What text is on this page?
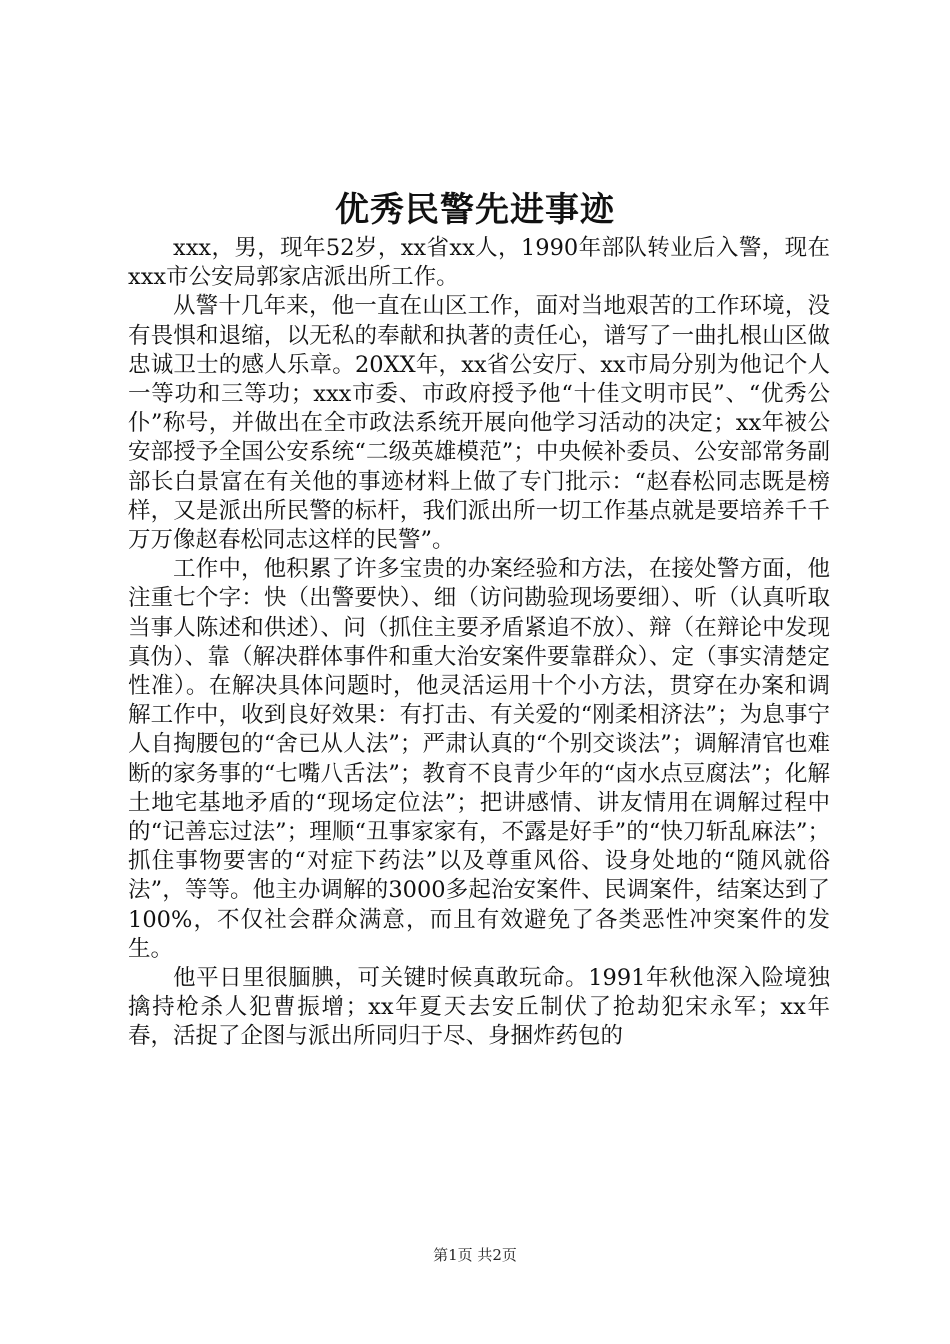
优秀民警先进事迹

xxx，男，现年52岁，xx省xx人，1990年部队转业后入警，现在xxx市公安局郭家店派出所工作。

从警十几年来，他一直在山区工作，面对当地艰苦的工作环境，没有畏惧和退缩，以无私的奉献和执著的责任心，谱写了一曲扎根山区做忠诚卫士的感人乐章。20XX年，xx省公安厅、xx市局分别为他记个人一等功和三等功；xxx市委、市政府授予他“十佳文明市民”、“优秀公仆”称号，并做出在全市政法系统开展向他学习活动的决定；xx年被公安部授予全国公安系统“二级英雄模范”；中央候补委员、公安部常务副部长白景富在有关他的事迹材料上做了专门批示：“赵春松同志既是榜样，又是派出所民警的标杆，我们派出所一切工作基点就是要培养千千万万像赵春松同志这样的民警”。

工作中，他积累了许多宝贵的办案经验和方法，在接处警方面，他注重七个字：快（出警要快）、细（访问勘验现场要细）、听（认真听取当事人陈述和供述）、问（抓住主要矛盾紧追不放）、辩（在辩论中发现真伪）、靠（解决群体事件和重大治安案件要靠群众）、定（事实清楚定性准）。在解决具体问题时，他灵活运用十个小方法，贯穿在办案和调解工作中，收到良好效果：有打击、有关爱的“刚柔相济法”；为息事宁人自掏腰包的“舍已从人法”；严肃认真的“个别交谈法”；调解清官也难断的家务事的“七嘴八舌法”；教育不良青少年的“卤水点豆腐法”；化解土地宅基地矛盾的“现场定位法”；把讲感情、讲友情用在调解过程中的“记善忘过法”；理顺“丑事家家有，不露是好手”的“快刀斩乱麻法”；抓住事物要害的“对症下药法”以及尊重风俗、设身处地的“随风就俗法”，等等。他主办调解的3000多起治安案件、民调案件，结案达到了100%，不仅社会群众满意，而且有效避免了各类恶性冲突案件的发生。

他平日里很腼腆，可关键时候真敢玩命。1991年秋他深入险境独擒持枪杀人犯曹振增；xx年夏天去安丘制伏了抢劫犯宋永军；xx年春，活捉了企图与派出所同归于尽、身捆炸药包的

第1页 共2页
